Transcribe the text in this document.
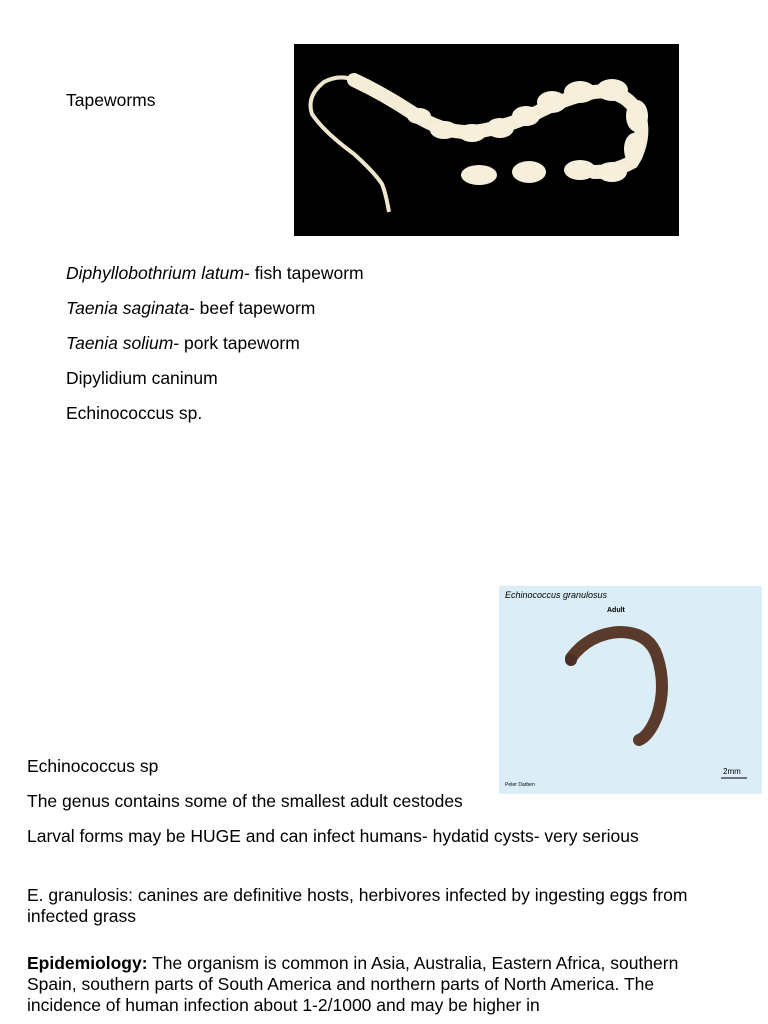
Tapeworms
Diphyllobothrium latum- fish tapeworm
Taenia saginata- beef tapeworm
Taenia solium- pork tapeworm
Dipylidium caninum
Echinococcus sp.
Echinococcus granulosus
Adult
2mm
Peter Darben
Echinococcus sp
The genus contains some of the smallest adult cestodes
Larval forms may be HUGE and can infect humans- hydatid cysts- very serious
E. granulosis: canines are definitive hosts, herbivores infected by ingesting eggs from infected grass
Epidemiology: The organism is common in Asia, Australia, Eastern Africa, southern Spain, southern parts of South America and northern parts of North America. The incidence of human infection about 1-2/1000 and may be higher in
